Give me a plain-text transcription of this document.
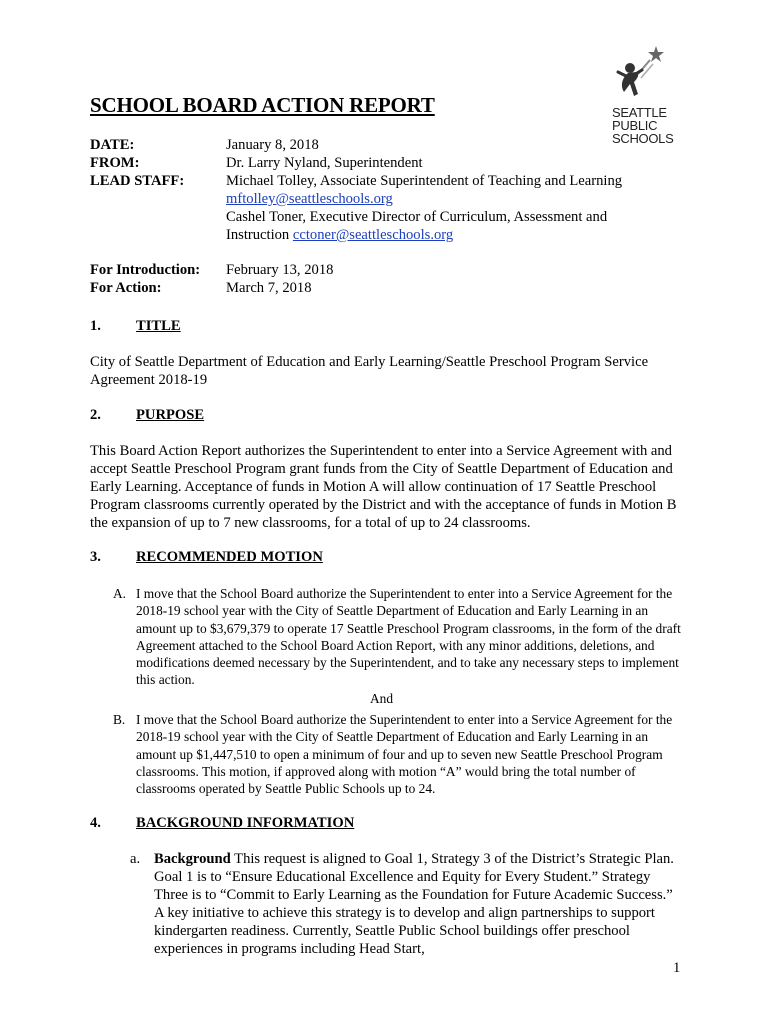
SEATTLE
PUBLIC
SCHOOLS
SCHOOL BOARD ACTION REPORT
DATE:	January 8, 2018
FROM:	Dr. Larry Nyland, Superintendent
LEAD STAFF:	Michael Tolley, Associate Superintendent of Teaching and Learning
mftolley@seattleschools.org
Cashel Toner, Executive Director of Curriculum, Assessment and
Instruction cctoner@seattleschools.org
For Introduction: February 13, 2018
For Action:	March 7, 2018
1. TITLE
City of Seattle Department of Education and Early Learning/Seattle Preschool Program Service Agreement 2018-19
2. PURPOSE
This Board Action Report authorizes the Superintendent to enter into a Service Agreement with and accept Seattle Preschool Program grant funds from the City of Seattle Department of Education and Early Learning. Acceptance of funds in Motion A will allow continuation of 17 Seattle Preschool Program classrooms currently operated by the District and with the acceptance of funds in Motion B the expansion of up to 7 new classrooms, for a total of up to 24 classrooms.
3. RECOMMENDED MOTION
A. I move that the School Board authorize the Superintendent to enter into a Service Agreement for the 2018-19 school year with the City of Seattle Department of Education and Early Learning in an amount up to $3,679,379 to operate 17 Seattle Preschool Program classrooms, in the form of the draft Agreement attached to the School Board Action Report, with any minor additions, deletions, and modifications deemed necessary by the Superintendent, and to take any necessary steps to implement this action.
And
B. I move that the School Board authorize the Superintendent to enter into a Service Agreement for the 2018-19 school year with the City of Seattle Department of Education and Early Learning in an amount up $1,447,510 to open a minimum of four and up to seven new Seattle Preschool Program classrooms. This motion, if approved along with motion “A” would bring the total number of classrooms operated by Seattle Public Schools up to 24.
4. BACKGROUND INFORMATION
a. Background This request is aligned to Goal 1, Strategy 3 of the District’s Strategic Plan. Goal 1 is to “Ensure Educational Excellence and Equity for Every Student.” Strategy Three is to “Commit to Early Learning as the Foundation for Future Academic Success.” A key initiative to achieve this strategy is to develop and align partnerships to support kindergarten readiness. Currently, Seattle Public School buildings offer preschool experiences in programs including Head Start,
1
